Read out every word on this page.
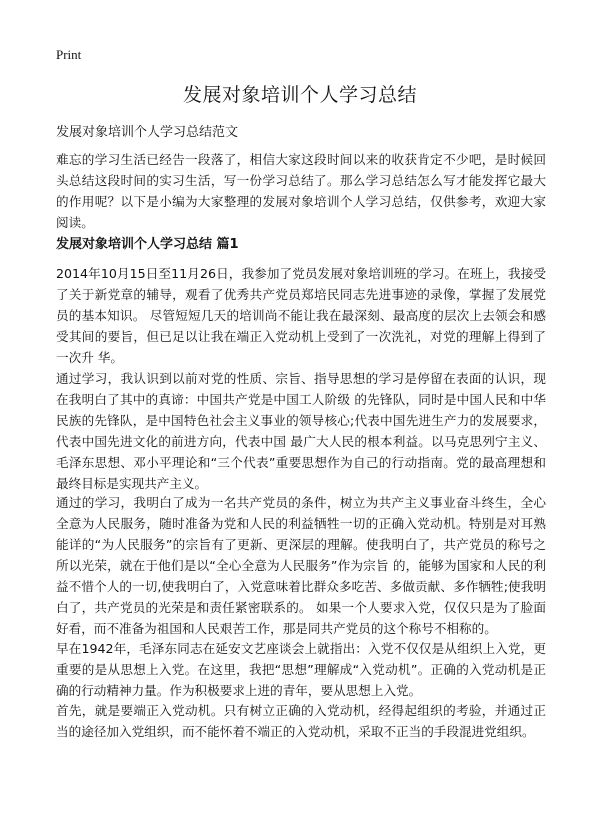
Print
发展对象培训个人学习总结
发展对象培训个人学习总结范文

难忘的学习生活已经告一段落了，相信大家这段时间以来的收获肯定不少吧，是时候回头总结这段时间的实习生活，写一份学习总结了。那么学习总结怎么写才能发挥它最大的作用呢？以下是小编为大家整理的发展对象培训个人学习总结，仅供参考，欢迎大家阅读。

发展对象培训个人学习总结 篇1

2014年10月15日至11月26日，我参加了党员发展对象培训班的学习。在班上，我接受了关于新党章的辅导，观看了优秀共产党员郑培民同志先进事迹的录像，掌握了发展党员的基本知识。 尽管短短几天的培训尚不能让我在最深刻、最高度的层次上去领会和感受其间的要旨，但已足以让我在端正入党动机上受到了一次洗礼，对党的理解上得到了一次升 华。

通过学习，我认识到以前对党的性质、宗旨、指导思想的学习是停留在表面的认识，现在我明白了其中的真谛：中国共产党是中国工人阶级 的先锋队，同时是中国人民和中华民族的先锋队，是中国特色社会主义事业的领导核心;代表中国先进生产力的发展要求，代表中国先进文化的前进方向，代表中国 最广大人民的根本利益。以马克思列宁主义、毛泽东思想、邓小平理论和“三个代表”重要思想作为自己的行动指南。党的最高理想和最终目标是实现共产主义。

通过的学习，我明白了成为一名共产党员的条件，树立为共产主义事业奋斗终生，全心全意为人民服务，随时准备为党和人民的利益牺牲一切的正确入党动机。特别是对耳熟能详的“为人民服务”的宗旨有了更新、更深层的理解。使我明白了，共产党员的称号之所以光荣，就在于他们是以“全心全意为人民服务”作为宗旨 的，能够为国家和人民的利益不惜个人的一切,使我明白了，入党意味着比群众多吃苦、多做贡献、多作牺牲;使我明白了，共产党员的光荣是和责任紧密联系的。 如果一个人要求入党，仅仅只是为了脸面好看，而不准备为祖国和人民艰苦工作，那是同共产党员的这个称号不相称的。

早在1942年，毛泽东同志在延安文艺座谈会上就指出：入党不仅仅是从组织上入党，更重要的是从思想上入党。在这里，我把“思想”理解成“入党动机”。正确的入党动机是正确的行动精神力量。作为积极要求上进的青年，要从思想上入党。

首先，就是要端正入党动机。只有树立正确的入党动机，经得起组织的考验，并通过正当的途径加入党组织，而不能怀着不端正的入党动机，采取不正当的手段混进党组织。
